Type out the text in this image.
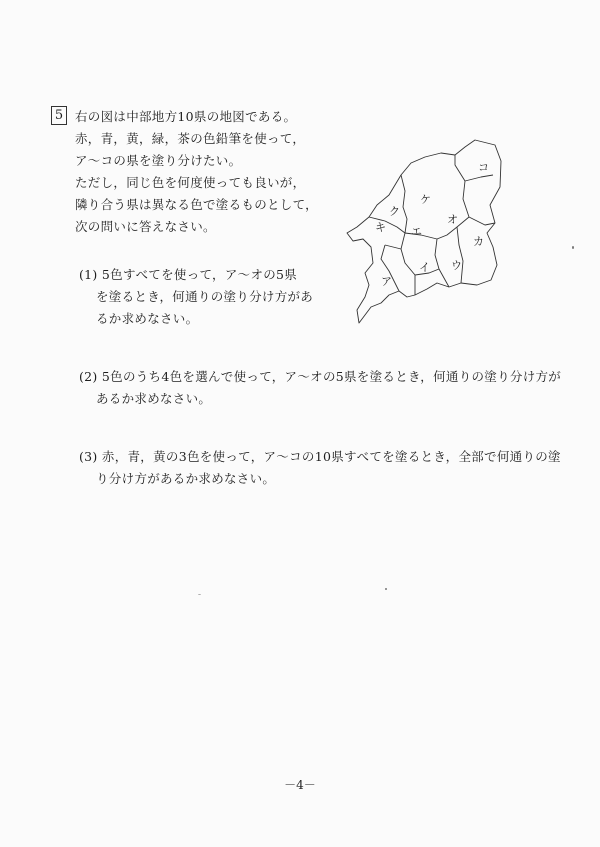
5 右の図は中部地方10県の地図である。
赤，青，黄，緑，茶の色鉛筆を使って，
ア〜コの県を塗り分けたい。
ただし，同じ色を何度使っても良いが，
隣り合う県は異なる色で塗るものとして，
次の問いに答えなさい。
コ
ケ
ク
オ
キ エ
カ
ウ
イ
ア
(1) 5色すべてを使って，ア〜オの5県
を塗るとき，何通りの塗り分け方があ
るか求めなさい。
(2) 5色のうち4色を選んで使って，ア〜オの5県を塗るとき，何通りの塗り分け方が
あるか求めなさい。
(3) 赤，青，黄の3色を使って，ア〜コの10県すべてを塗るとき，全部で何通りの塗
り分け方があるか求めなさい。
－4－
